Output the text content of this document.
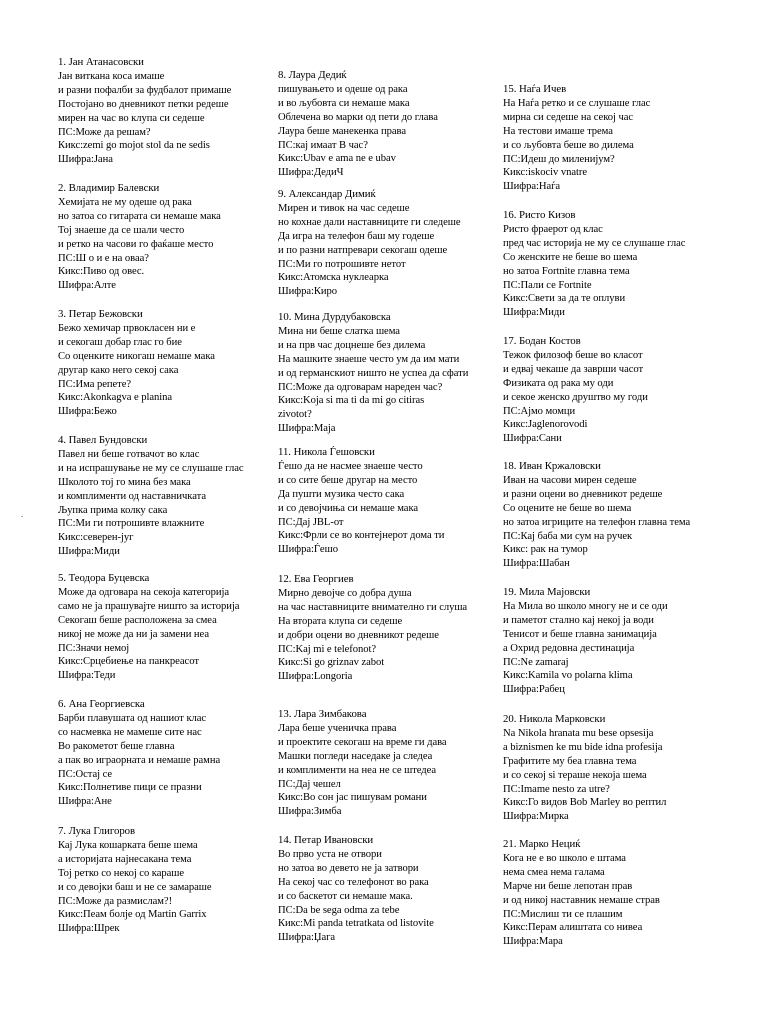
.
1. Јан Атанасовски
Јан виткана коса имаше
и разни пофалби за фудбалот примаше
Постојано во дневникот петки редеше
мирен на час во клупа си седеше
ПС:Може да решам?
Кикс:zemi go mojot stol da ne sedis
Шифра:Јана
2. Владимир Балевски
Хемијата не му одеше од рака
но затоа со гитарата си немаше мака
Тој знаеше да се шали често
и ретко на часови го фаќаше место
ПС:Ш о и е на оваа?
Кикс:Пиво од овес.
Шифра:Алте
3. Петар Бежовски
Бежо хемичар првокласен ни е
и секогаш добар глас го бие
Со оценките никогаш немаше мака
другар како него секој сака
ПС:Има репете?
Кикс:Akonkagva e planina
Шифра:Бежо
4. Павел Бундовски
Павел ни беше готвачот во клас
и на испрашување не му се слушаше глас
Школото тој го мина без мака
и комплименти од наставничката
Љупка прима колку сака
ПС:Ми ги потрошивте влажните
Кикс:северен-југ
Шифра:Миди
5. Теодора Буцевска
Може да одговара на секоја категорија
само не ја прашувајте ништо за историја
Секогаш беше расположена за смеа
никој не може да ни ја замени неа
ПС:Значи немој
Кикс:Срцебиење на панкреасот
Шифра:Теди
6. Ана Георгиевска
Барби плавушата од нашиот клас
со насмевка не мамеше сите нас
Во ракометот беше главна
а пак во играорната и немаше рамна
ПС:Остај се
Кикс:Полнетиве пици се празни
Шифра:Ане
7. Лука Глигоров
Кај Лука кошарката беше шема
а историјата најнесакана тема
Тој ретко со некој со караше
и со девојки баш и не се замараше
ПС:Може да размислам?!
Кикс:Пеам болје од Martin Garrix
Шифра:Шрек
8. Лаура Дедиќ
пишувањето и одеше од рака
и во љубовта си немаше мака
Облечена во марки од пети до глава
Лаура беше манекенка права
ПС:кај имаат В час?
Кикс:Ubav e ama ne e ubav
Шифра:ДедиЧ
9. Александар Димиќ
Мирен и тивок на час седеше
но кохнае дали наставниците ги следеше
Да игра на телефон баш му годеше
и по разни натпревари секогаш одеше
ПС:Ми го потрошивте нетот
Кикс:Атомска нуклеарка
Шифра:Киро
10. Мина Дурдубаковска
Мина ни беше слатка шема
и на прв час доцнеше без дилема
На машките знаеше често ум да им мати
и од германскиот ништо не успеа да сфати
ПС:Може да одговарам нареден час?
Кикс:Koja si ma ti da mi go citiras
zivotot?
Шифра:Маја
11. Никола Ѓешовски
Ѓешо да не насмее знаеше често
и со сите беше другар на место
Да пушти музика често сака
и со девојчиња си немаше мака
ПС:Дај JBL-от
Кикс:Фрли се во контејнерот дома ти
Шифра:Ѓешо
12. Ева Георгиев
Мирно девојче со добра душа
на час наставниците внимателно ги слуша
На втората клупа си седеше
и добри оцени во дневникот редеше
ПС:Kaj mi e telefonot?
Кикс:Si go griznav zabot
Шифра:Longoria
13. Лара Зимбакова
Лара беше ученичка права
и проектите секогаш на време ги дава
Машки погледи наседаке ја следеа
и комплименти на неа не се штедеа
ПС:Дај чешел
Кикс:Во сон јас пишувам романи
Шифра:Зимба
14. Петар Ивановски
Во прво уста не отвори
но затоа во девето не ја затвори
На секој час со телефонот во рака
и со баскетот си немаше мака.
ПС:Da be sega odma za tebe
Кикс:Mi panda tetratkata od listovite
Шифра:Џага
15. Наѓа Ичев
На Наѓа ретко и се слушаше глас
мирна си седеше на секој час
На тестови имаше трема
и со љубовта беше во дилема
ПС:Идеш до миленијум?
Кикс:iskociv vnatre
Шифра:Наѓа
16. Ристо Кизов
Ристо фраерот од клас
пред час историја не му се слушаше глас
Со женските не беше во шема
но затоа Fortnite главна тема
ПС:Пали се Fortnite
Кикс:Свети за да те оплуви
Шифра:Миди
17. Бодан Костов
Тежок филозоф беше во класот
и едвај чекаше да заврши часот
Физиката од рака му оди
и секое женско друштво му годи
ПС:Ајмо момци
Кикс:Jaglenorovodi
Шифра:Сани
18. Иван Кржаловски
Иван на часови мирен седеше
и разни оцени во дневникот редеше
Со оцените не беше во шема
но затоа игриците на телефон главна тема
ПС:Кај баба ми сум на ручек
Кикс: рак на тумор
Шифра:Шабан
19. Мила Мајовски
На Мила во школо многу не и се оди
и паметот стално кај некој ја води
Тенисот и беше главна занимација
а Охрид редовна дестинација
ПС:Ne zamaraj
Кикс:Kamila vo polarna klima
Шифра:Рабец
20. Никола Марковски
Na Nikola hranata mu bese opsesija
a biznismen ke mu bide idna profesija
Графитите му беа главна тема
и со секој si тераше некоја шема
ПС:Imame nesto za utre?
Кикс:Го видов Bob Marley во рептил
Шифра:Мирка
21. Марко Нециќ
Кога не е во школо е штама
нема смеа нема галама
Марче ни беше лепотан прав
и од никој наставник немаше страв
ПС:Мислиш ти се плашим
Кикс:Перам алиштата со нивеа
Шифра:Мара
